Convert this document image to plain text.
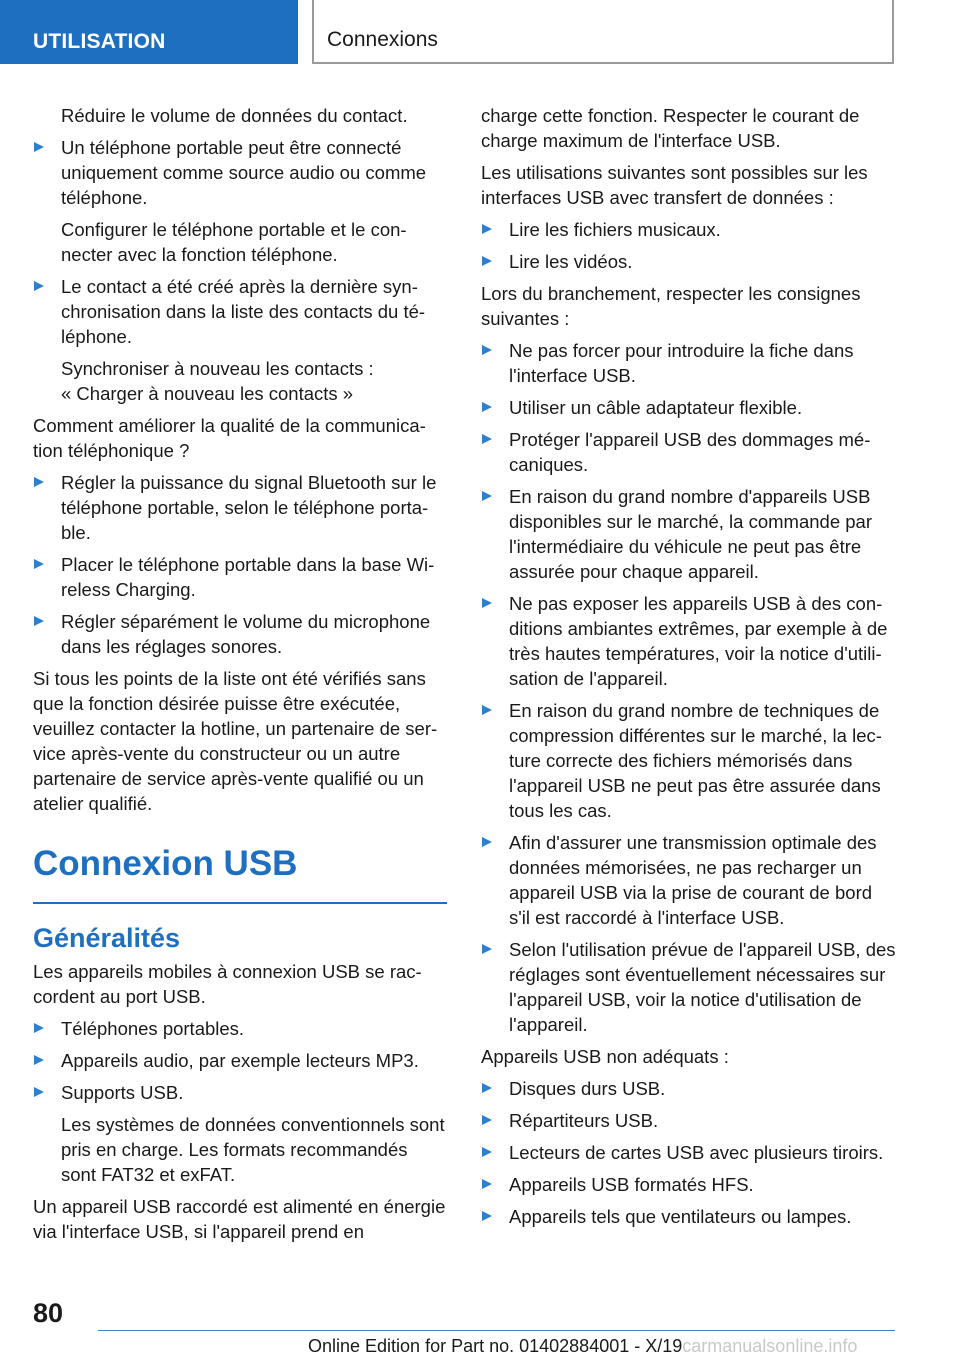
UTILISATION	Connexions
Réduire le volume de données du contact.
Un téléphone portable peut être connecté uniquement comme source audio ou comme téléphone.
Configurer le téléphone portable et le connecter avec la fonction téléphone.
Le contact a été créé après la dernière synchronisation dans la liste des contacts du téléphone.
Synchroniser à nouveau les contacts :
« Charger à nouveau les contacts »
Comment améliorer la qualité de la communication téléphonique ?
Régler la puissance du signal Bluetooth sur le téléphone portable, selon le téléphone portable.
Placer le téléphone portable dans la base Wireless Charging.
Régler séparément le volume du microphone dans les réglages sonores.
Si tous les points de la liste ont été vérifiés sans que la fonction désirée puisse être exécutée, veuillez contacter la hotline, un partenaire de service après-vente du constructeur ou un autre partenaire de service après-vente qualifié ou un atelier qualifié.
Connexion USB
Généralités
Les appareils mobiles à connexion USB se raccordent au port USB.
Téléphones portables.
Appareils audio, par exemple lecteurs MP3.
Supports USB.
Les systèmes de données conventionnels sont pris en charge. Les formats recommandés sont FAT32 et exFAT.
Un appareil USB raccordé est alimenté en énergie via l'interface USB, si l'appareil prend en
charge cette fonction. Respecter le courant de charge maximum de l'interface USB.
Les utilisations suivantes sont possibles sur les interfaces USB avec transfert de données :
Lire les fichiers musicaux.
Lire les vidéos.
Lors du branchement, respecter les consignes suivantes :
Ne pas forcer pour introduire la fiche dans l'interface USB.
Utiliser un câble adaptateur flexible.
Protéger l'appareil USB des dommages mécaniques.
En raison du grand nombre d'appareils USB disponibles sur le marché, la commande par l'intermédiaire du véhicule ne peut pas être assurée pour chaque appareil.
Ne pas exposer les appareils USB à des conditions ambiantes extrêmes, par exemple à de très hautes températures, voir la notice d'utilisation de l'appareil.
En raison du grand nombre de techniques de compression différentes sur le marché, la lecture correcte des fichiers mémorisés dans l'appareil USB ne peut pas être assurée dans tous les cas.
Afin d'assurer une transmission optimale des données mémorisées, ne pas recharger un appareil USB via la prise de courant de bord s'il est raccordé à l'interface USB.
Selon l'utilisation prévue de l'appareil USB, des réglages sont éventuellement nécessaires sur l'appareil USB, voir la notice d'utilisation de l'appareil.
Appareils USB non adéquats :
Disques durs USB.
Répartiteurs USB.
Lecteurs de cartes USB avec plusieurs tiroirs.
Appareils USB formatés HFS.
Appareils tels que ventilateurs ou lampes.
80
Online Edition for Part no. 01402884001 - X/19carmanualsonline.info
